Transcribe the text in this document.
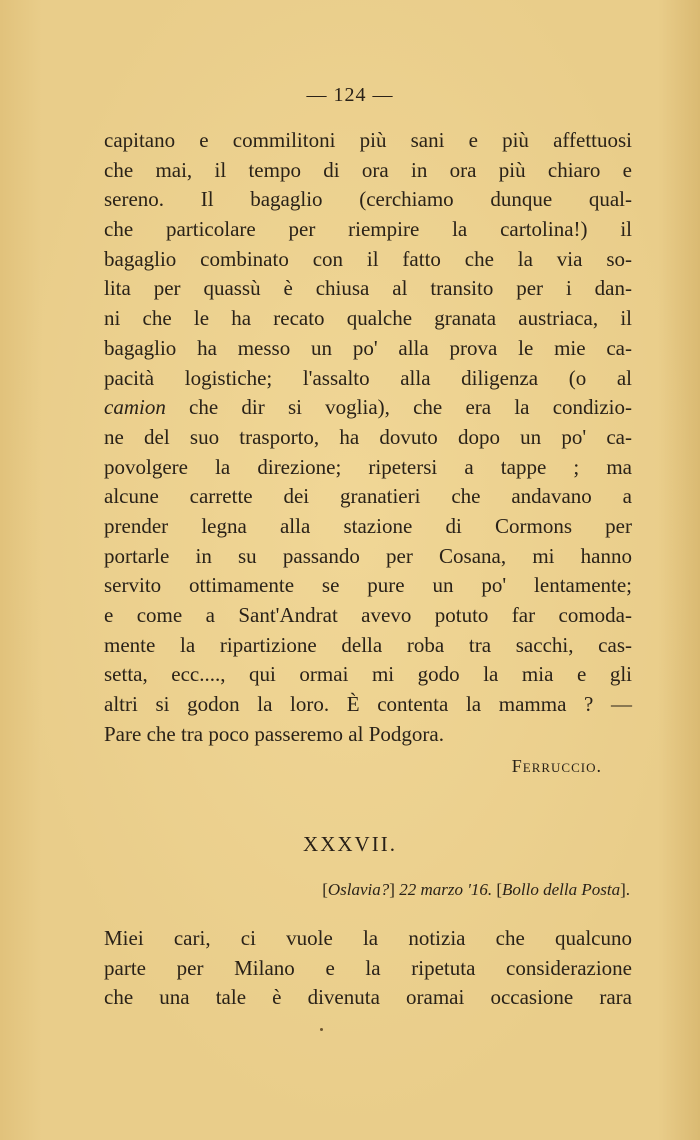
— 124 —
capitano e commilitoni più sani e più affettuosi
che mai, il tempo di ora in ora più chiaro e
sereno. Il bagaglio (cerchiamo dunque qual-
che particolare per riempire la cartolina!) il
bagaglio combinato con il fatto che la via so-
lita per quassù è chiusa al transito per i dan-
ni che le ha recato qualche granata austriaca, il
bagaglio ha messo un po' alla prova le mie ca-
pacità logistiche; l'assalto alla diligenza (o al
camion che dir si voglia), che era la condizio-
ne del suo trasporto, ha dovuto dopo un po' ca-
povolgere la direzione; ripetersi a tappe ; ma
alcune carrette dei granatieri che andavano a
prender legna alla stazione di Cormons per
portarle in su passando per Cosana, mi hanno
servito ottimamente se pure un po' lentamente;
e come a Sant'Andrat avevo potuto far comoda-
mente la ripartizione della roba tra sacchi, cas-
setta, ecc...., qui ormai mi godo la mia e gli
altri si godon la loro. È contenta la mamma ? —
Pare che tra poco passeremo al Podgora.
Ferruccio.
XXXVII.
[Oslavia?] 22 marzo '16. [Bollo della Posta].
Miei cari, ci vuole la notizia che qualcuno
parte per Milano e la ripetuta considerazione
che una tale è divenuta oramai occasione rara
